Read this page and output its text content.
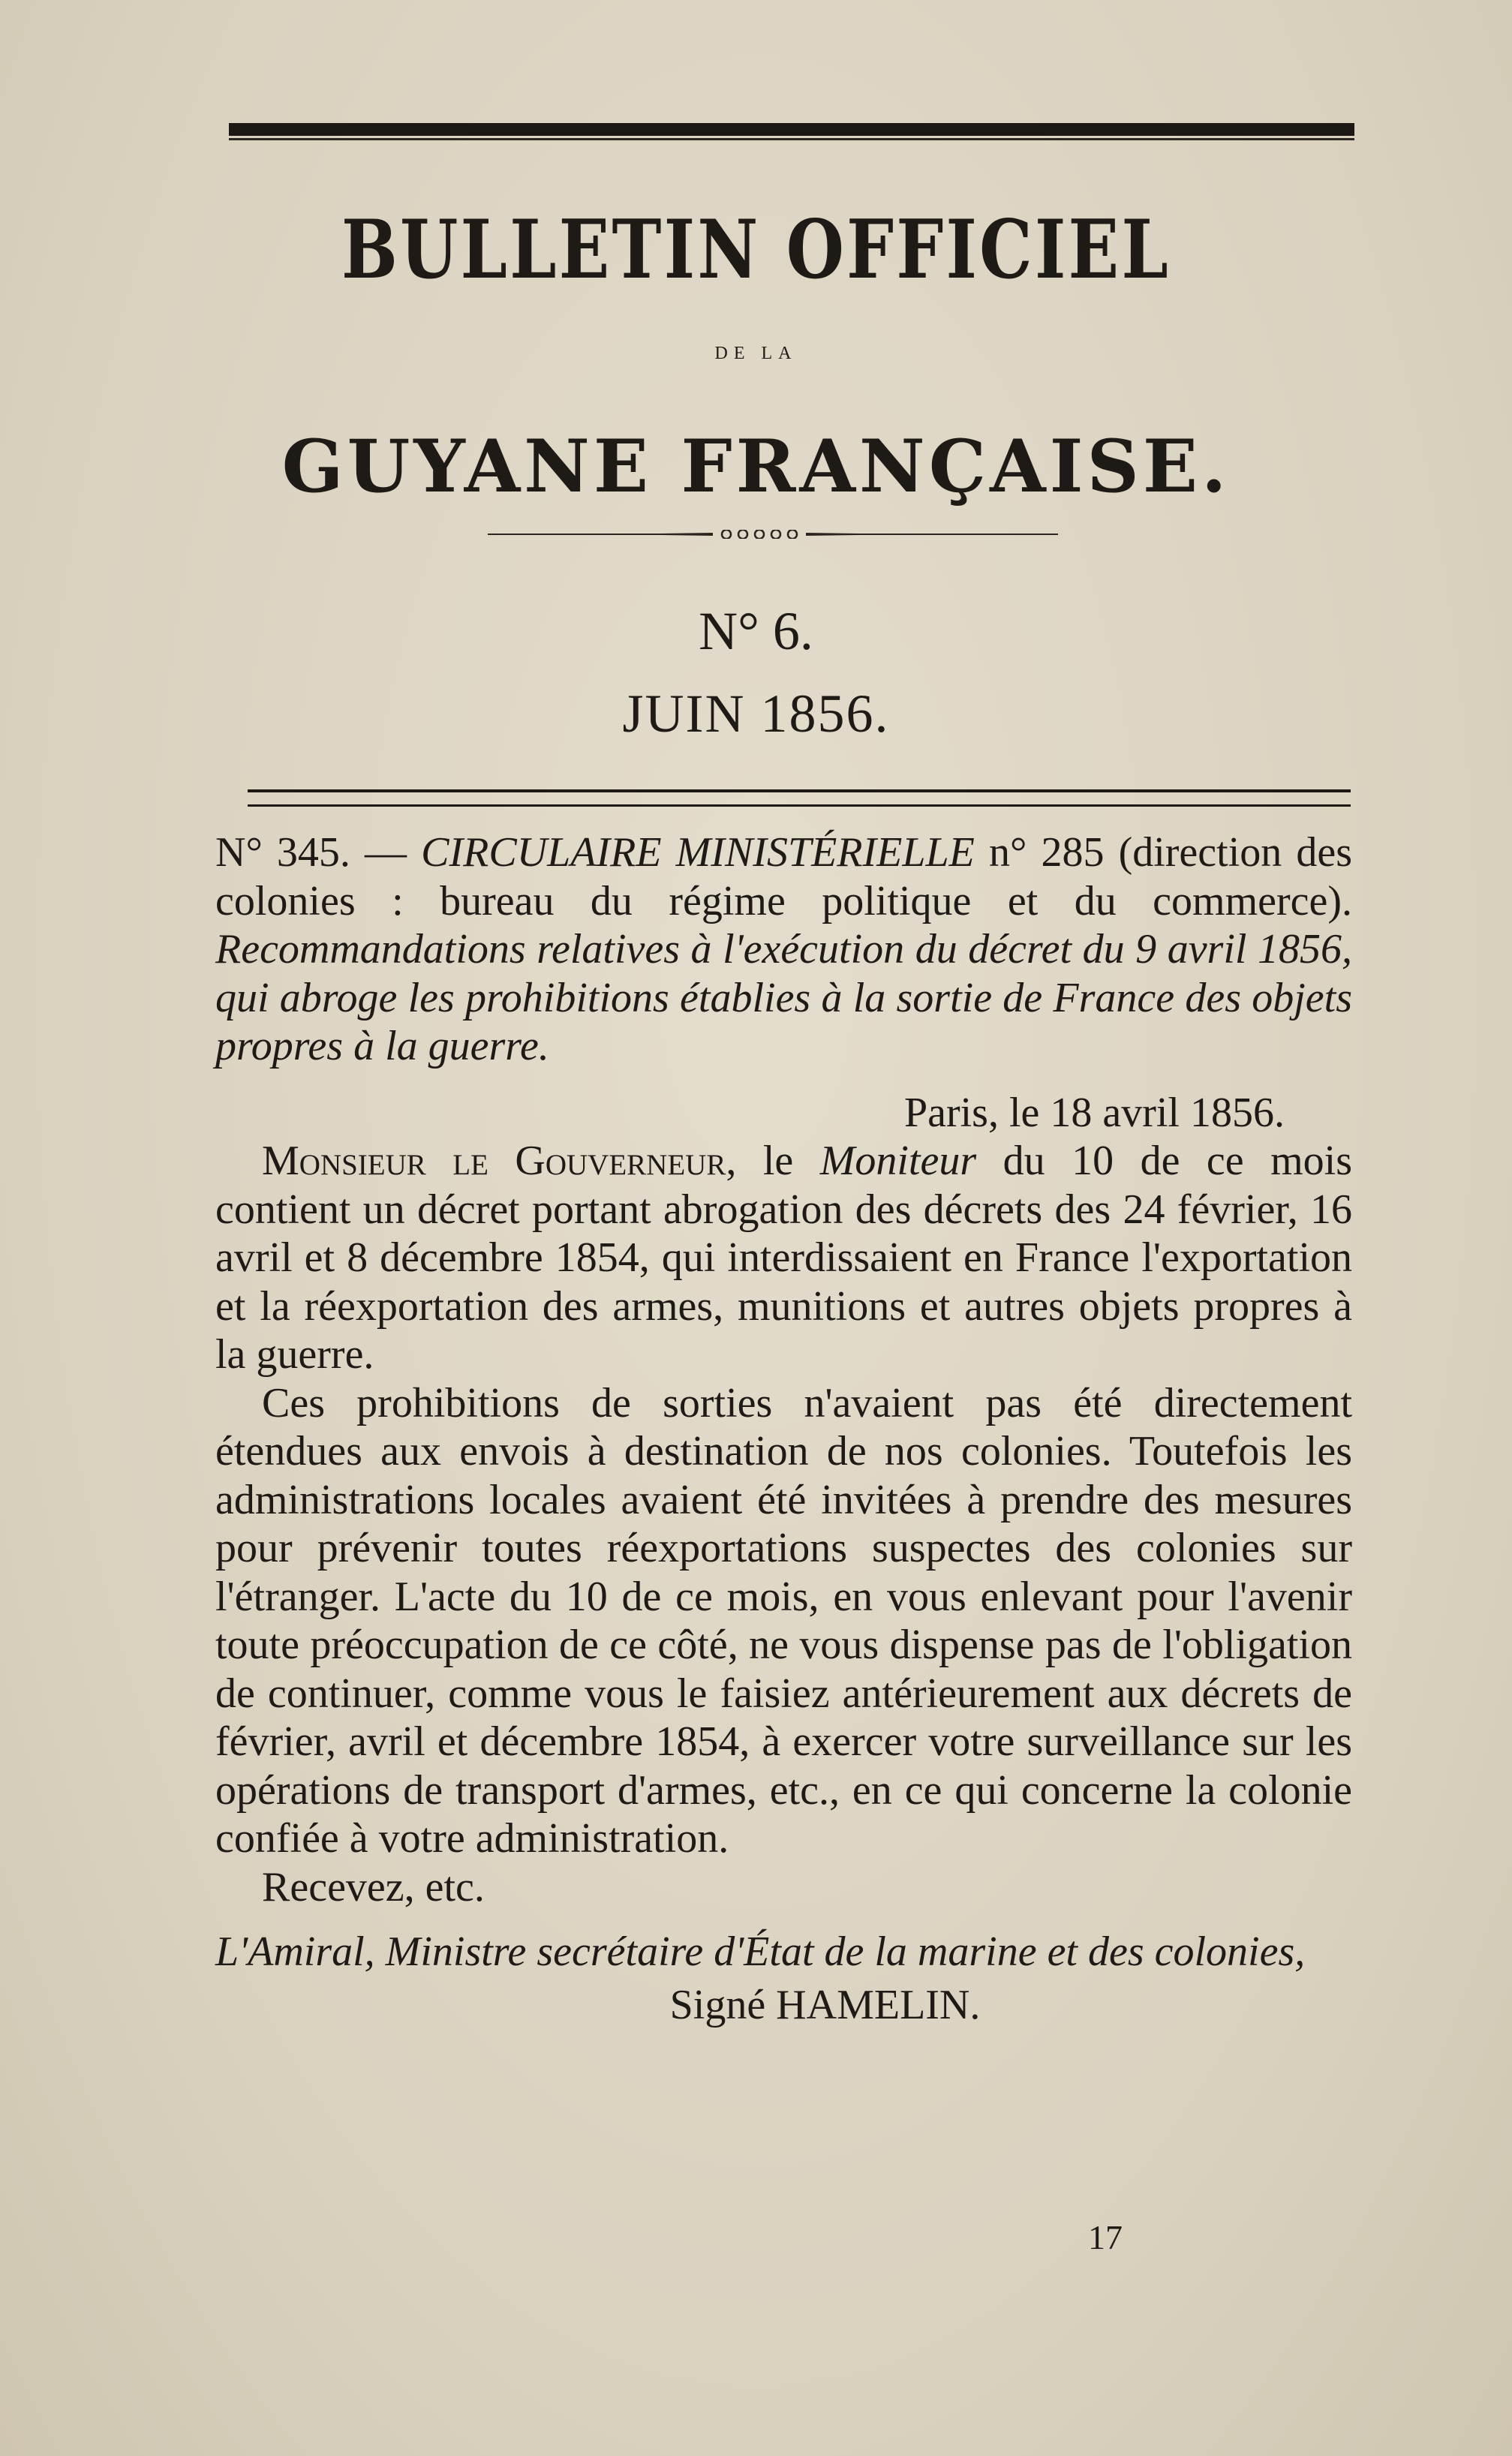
BULLETIN OFFICIEL
DE LA
GUYANE FRANÇAISE.
N° 6.
JUIN 1856.

N° 345. — CIRCULAIRE MINISTÉRIELLE n° 285 (direction des colonies : bureau du régime politique et du commerce). Recommandations relatives à l'exécution du décret du 9 avril 1856, qui abroge les prohibitions établies à la sortie de France des objets propres à la guerre.

Paris, le 18 avril 1856.

Monsieur le Gouverneur, le Moniteur du 10 de ce mois contient un décret portant abrogation des décrets des 24 février, 16 avril et 8 décembre 1854, qui interdissaient en France l'exportation et la réexportation des armes, munitions et autres objets propres à la guerre.

Ces prohibitions de sorties n'avaient pas été directement étendues aux envois à destination de nos colonies. Toutefois les administrations locales avaient été invitées à prendre des mesures pour prévenir toutes réexportations suspectes des colonies sur l'étranger. L'acte du 10 de ce mois, en vous enlevant pour l'avenir toute préoccupation de ce côté, ne vous dispense pas de l'obligation de continuer, comme vous le faisiez antérieurement aux décrets de février, avril et décembre 1854, à exercer votre surveillance sur les opérations de transport d'armes, etc., en ce qui concerne la colonie confiée à votre administration.

Recevez, etc.

L'Amiral, Ministre secrétaire d'État de la marine et des colonies,

Signé HAMELIN.

17
